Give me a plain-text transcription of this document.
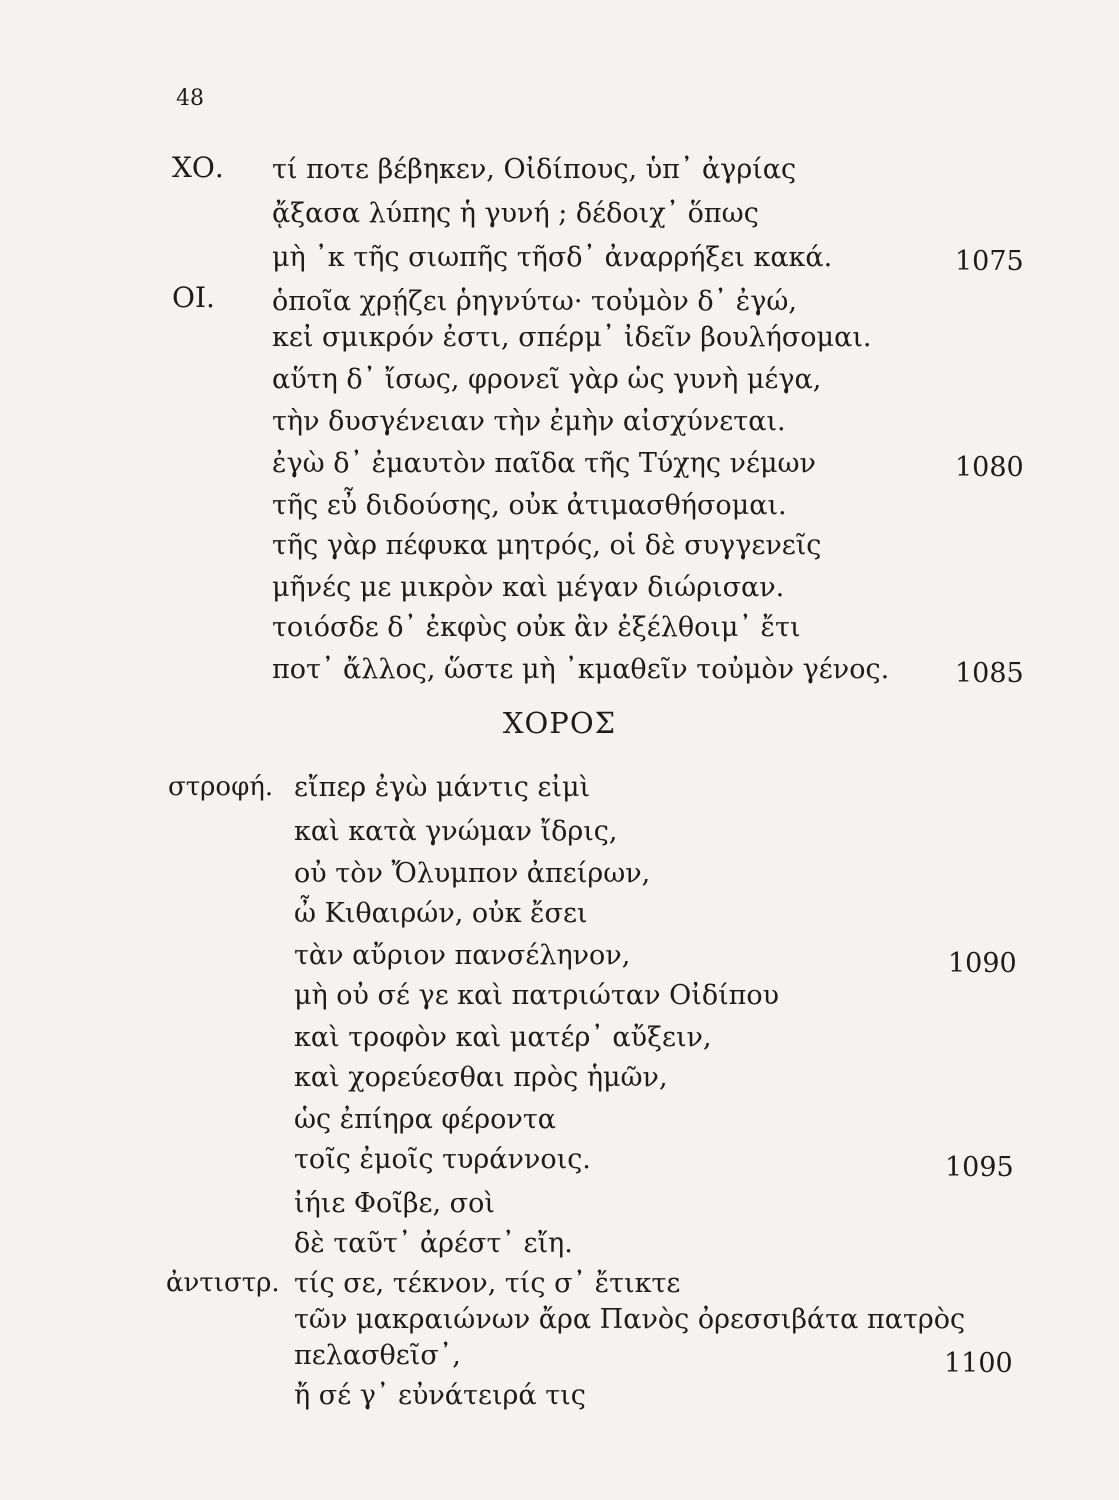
48
ΧΟ. τί ποτε βέβηκεν, Οἰδίπους, ὑπ᾿ ἀγρίας
ᾄξασα λύπης ἡ γυνή ; δέδοιχ᾿ ὅπως
μὴ ᾿κ τῆς σιωπῆς τῆσδ᾿ ἀναρρήξει κακά.	1075
ΟΙ. ὁποῖα χρῄζει ῥηγνύτω· τοὐμὸν δ᾿ ἐγώ,
κεἰ σμικρόν ἐστι, σπέρμ᾿ ἰδεῖν βουλήσομαι.
αὕτη δ᾿ ἴσως, φρονεῖ γὰρ ὡς γυνὴ μέγα,
τὴν δυσγένειαν τὴν ἐμὴν αἰσχύνεται.
ἐγὼ δ᾿ ἐμαυτὸν παῖδα τῆς Τύχης νέμων	1080
τῆς εὖ διδούσης, οὐκ ἀτιμασθήσομαι.
τῆς γὰρ πέφυκα μητρός, οἱ δὲ συγγενεῖς
μῆνές με μικρὸν καὶ μέγαν διώρισαν.
τοιόσδε δ᾿ ἐκφὺς οὐκ ἂν ἐξέλθοιμ᾿ ἔτι
ποτ᾿ ἄλλος, ὥστε μὴ ᾿κμαθεῖν τοὐμὸν γένος. 1085
ΧΟΡΟΣ
στροφή. εἴπερ ἐγὼ μάντις εἰμὶ
καὶ κατὰ γνώμαν ἴδρις,
οὐ τὸν Ὄλυμπον ἀπείρων,
ὦ Κιθαιρών, οὐκ ἔσει
τὰν αὔριον πανσέληνον,	1090
μὴ οὐ σέ γε καὶ πατριώταν Οἰδίπου
καὶ τροφὸν καὶ ματέρ᾿ αὔξειν,
καὶ χορεύεσθαι πρὸς ἡμῶν,
ὡς ἐπίηρα φέροντα
τοῖς ἐμοῖς τυράννοις.	1095
ἰήιε Φοῖβε, σοὶ
δὲ ταῦτ᾿ ἀρέστ᾿ εἴη.
ἀντιστρ. τίς σε, τέκνον, τίς σ᾿ ἔτικτε
τῶν μακραιώνων ἄρα Πανὸς ὀρεσσιβάτα πατρὸς
πελασθεῖσ᾿,	1100
ἤ σέ γ᾿ εὐνάτειρά τις
